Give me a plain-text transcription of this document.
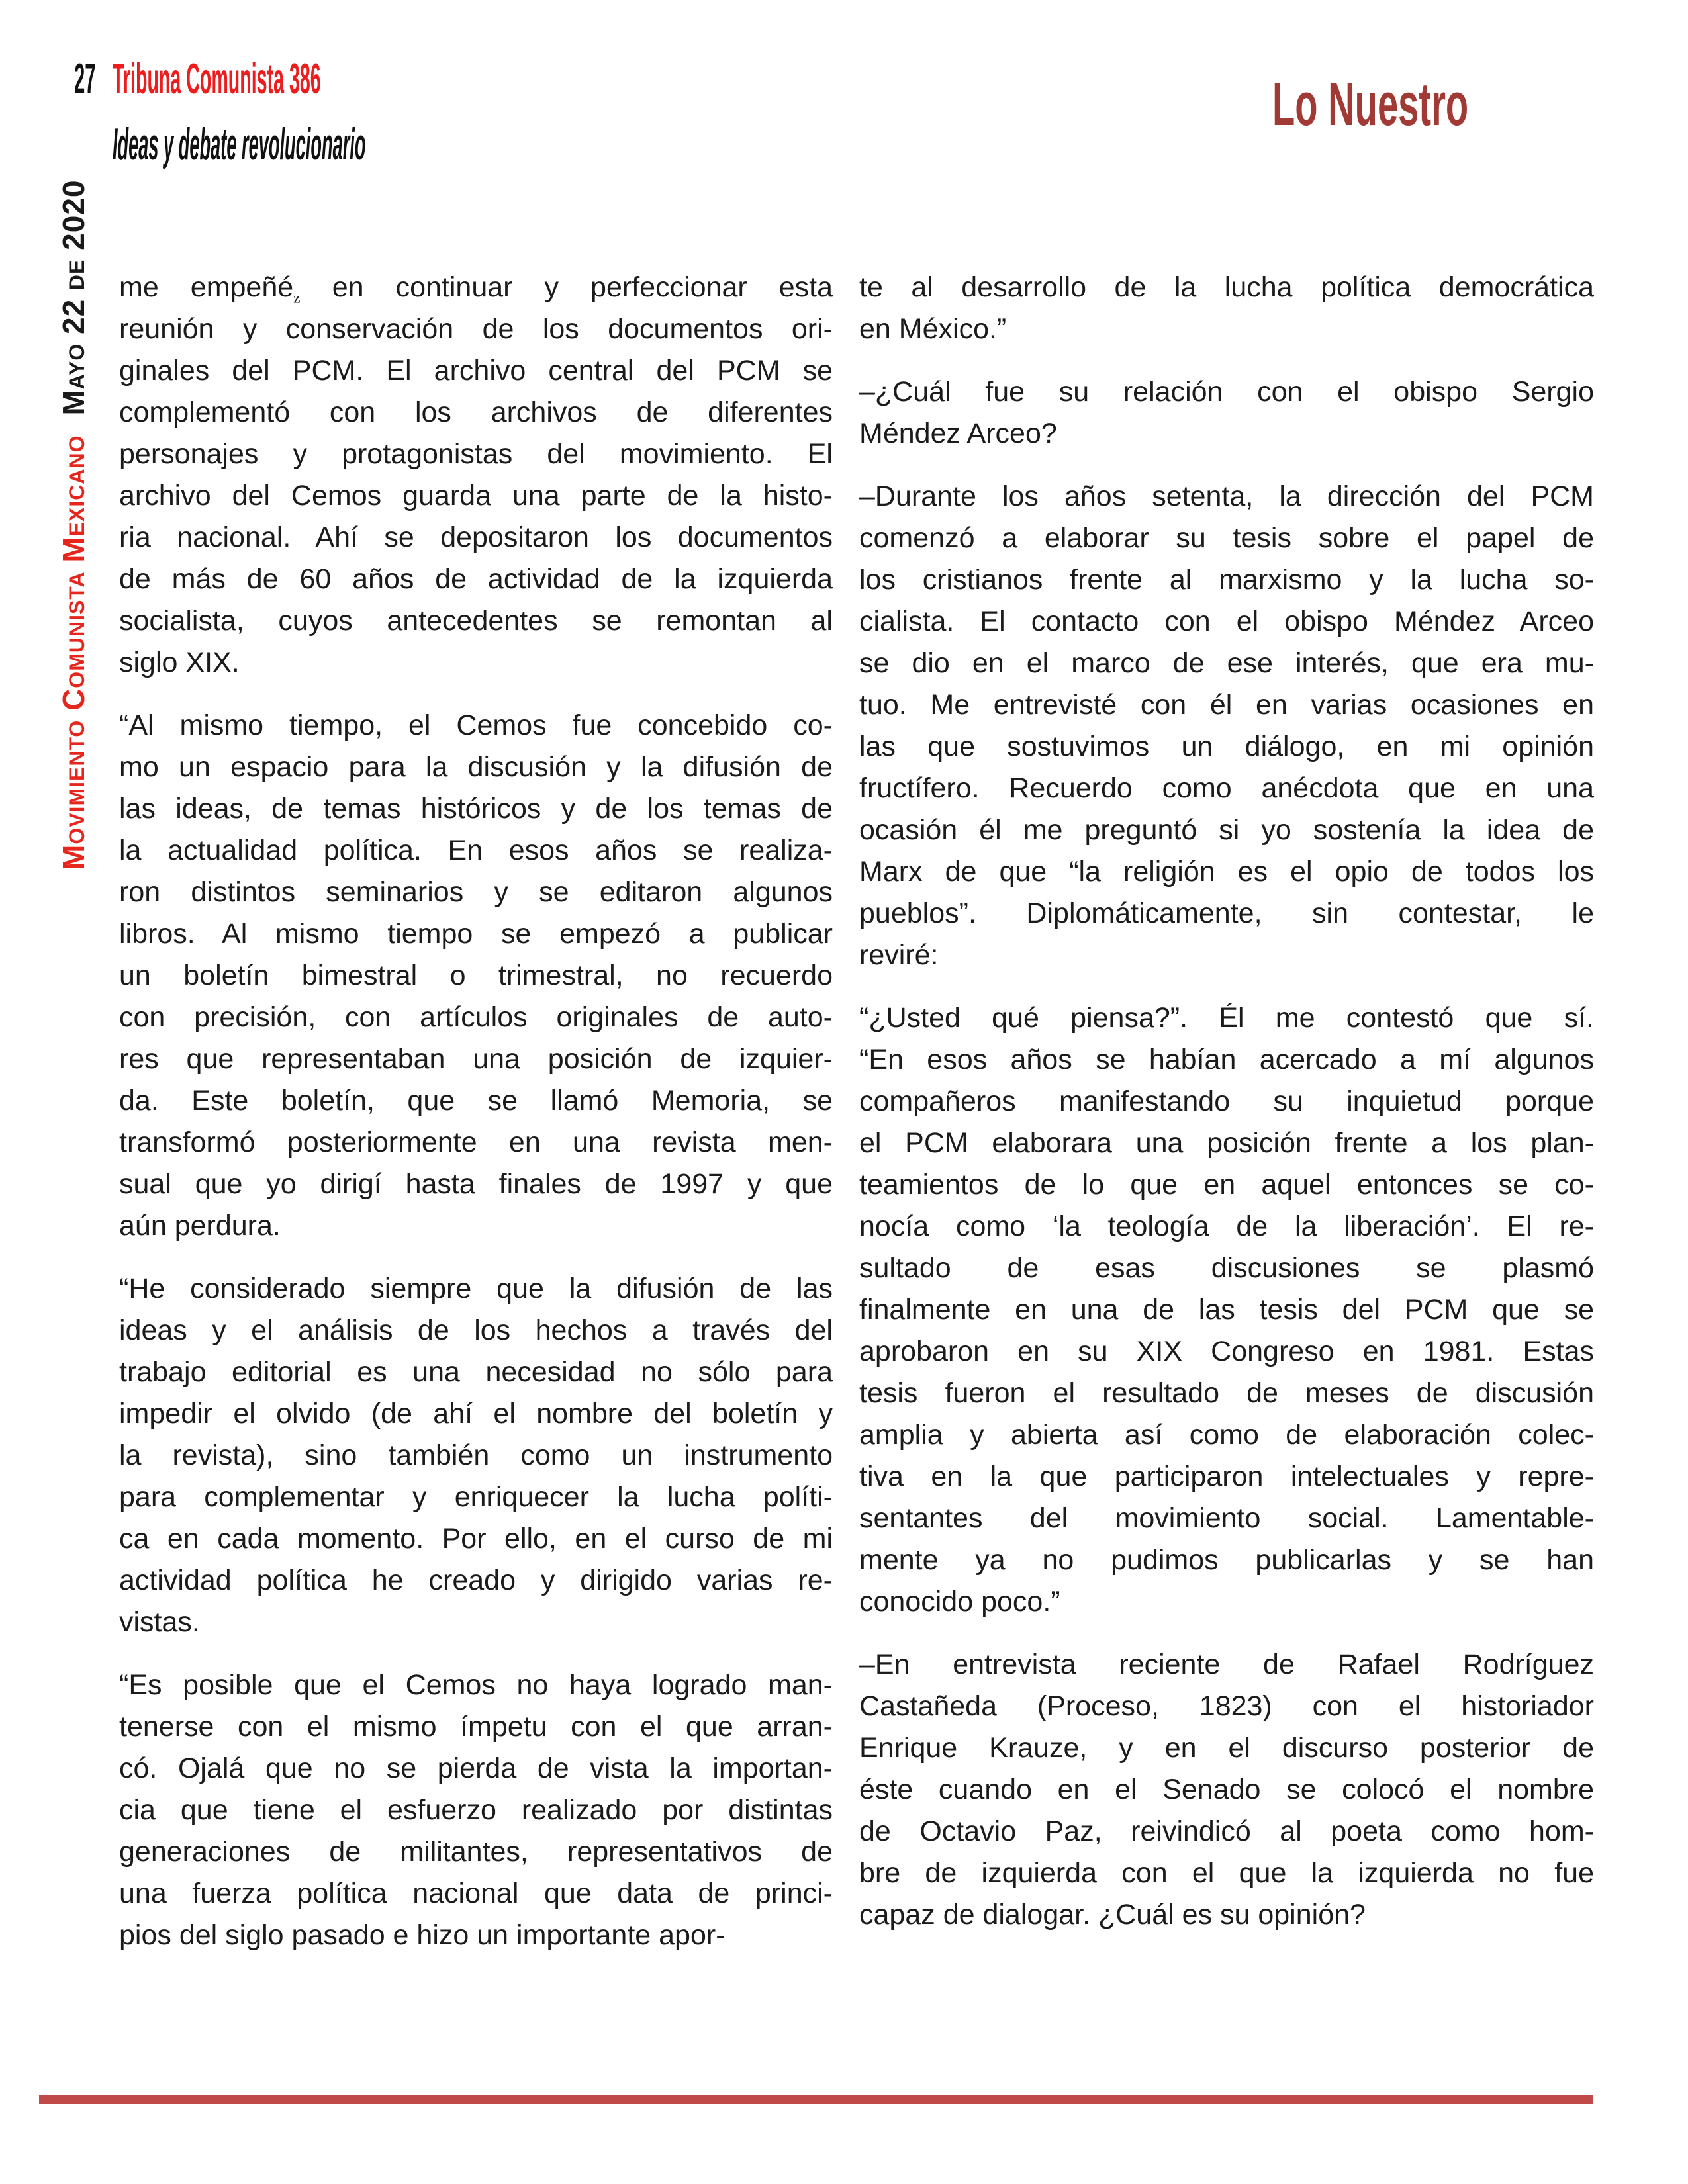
27 Tribuna Comunista 386
Ideas y debate revolucionario
Lo Nuestro
Movimiento Comunista MexicanoMayo 22 de 2020 me empeñé$_z$ en continuar y perfeccionar esta
reunión y conservación de los documentos ori-
ginales del PCM. El archivo central del PCM se
complementó con los archivos de diferentes
personajes y protagonistas del movimiento. El
archivo del Cemos guarda una parte de la histo-
ria nacional. Ahí se depositaron los documentos
de más de 60 años de actividad de la izquierda
socialista, cuyos antecedentes se remontan al
siglo XIX.
“Al mismo tiempo, el Cemos fue concebido co-
mo un espacio para la discusión y la difusión de
las ideas, de temas históricos y de los temas de
la actualidad política. En esos años se realiza-
ron distintos seminarios y se editaron algunos
libros. Al mismo tiempo se empezó a publicar
un boletín bimestral o trimestral, no recuerdo
con precisión, con artículos originales de auto-
res que representaban una posición de izquier-
da. Este boletín, que se llamó Memoria, se
transformó posteriormente en una revista men-
sual que yo dirigí hasta finales de 1997 y que
aún perdura.
“He considerado siempre que la difusión de las
ideas y el análisis de los hechos a través del
trabajo editorial es una necesidad no sólo para
impedir el olvido (de ahí el nombre del boletín y
la revista), sino también como un instrumento
para complementar y enriquecer la lucha políti-
ca en cada momento. Por ello, en el curso de mi
actividad política he creado y dirigido varias re-
vistas.
“Es posible que el Cemos no haya logrado man-
tenerse con el mismo ímpetu con el que arran-
có. Ojalá que no se pierda de vista la importan-
cia que tiene el esfuerzo realizado por distintas
generaciones de militantes, representativos de
una fuerza política nacional que data de princi-
pios del siglo pasado e hizo un importante apor-
te al desarrollo de la lucha política democrática
en México.”
–¿Cuál fue su relación con el obispo Sergio
Méndez Arceo?
–Durante los años setenta, la dirección del PCM
comenzó a elaborar su tesis sobre el papel de
los cristianos frente al marxismo y la lucha so-
cialista. El contacto con el obispo Méndez Arceo
se dio en el marco de ese interés, que era mu-
tuo. Me entrevisté con él en varias ocasiones en
las que sostuvimos un diálogo, en mi opinión
fructífero. Recuerdo como anécdota que en una
ocasión él me preguntó si yo sostenía la idea de
Marx de que “la religión es el opio de todos los
pueblos”. Diplomáticamente, sin contestar, le
reviré:
“¿Usted qué piensa?”. Él me contestó que sí.
“En esos años se habían acercado a mí algunos
compañeros manifestando su inquietud porque
el PCM elaborara una posición frente a los plan-
teamientos de lo que en aquel entonces se co-
nocía como ‘la teología de la liberación’. El re-
sultado de esas discusiones se plasmó
finalmente en una de las tesis del PCM que se
aprobaron en su XIX Congreso en 1981. Estas
tesis fueron el resultado de meses de discusión
amplia y abierta así como de elaboración colec-
tiva en la que participaron intelectuales y repre-
sentantes del movimiento social. Lamentable-
mente ya no pudimos publicarlas y se han
conocido poco.”
–En entrevista reciente de Rafael Rodríguez
Castañeda (Proceso, 1823) con el historiador
Enrique Krauze, y en el discurso posterior de
éste cuando en el Senado se colocó el nombre
de Octavio Paz, reivindicó al poeta como hom-
bre de izquierda con el que la izquierda no fue
capaz de dialogar. ¿Cuál es su opinión?
